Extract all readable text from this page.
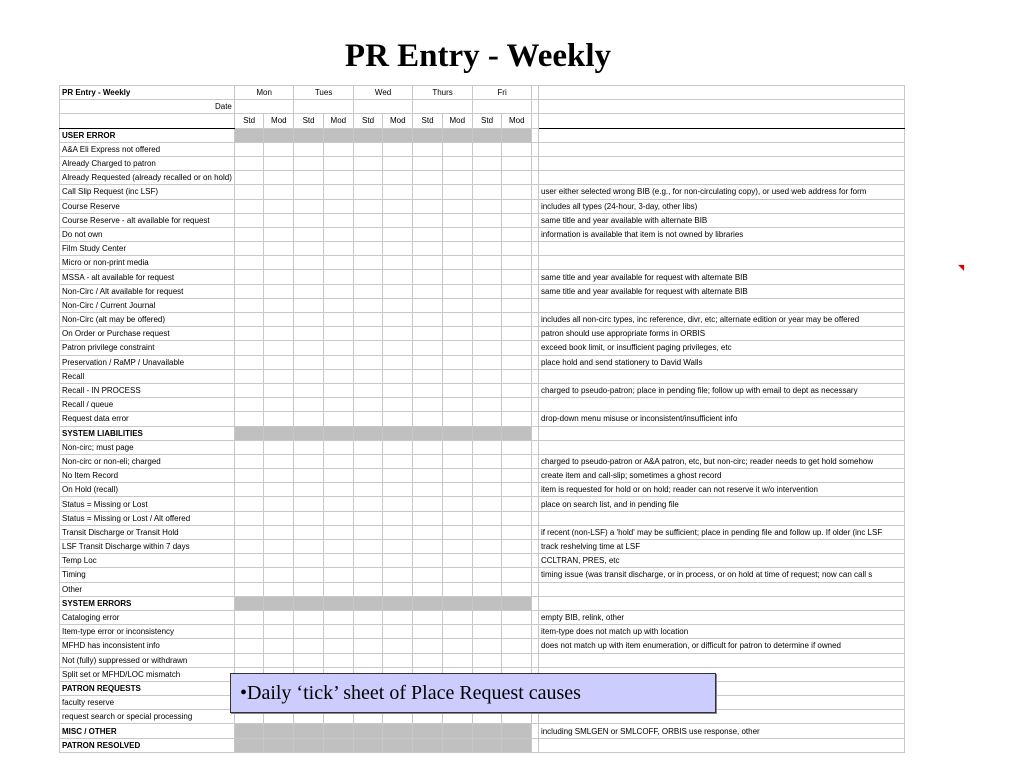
PR Entry - Weekly
PR Entry - Weekly	Mon		Tues		Wed		Thurs		Fri			
Date												
	Std	Mod	Std	Mod	Std	Mod	Std	Mod	Std	Mod		
USER ERROR												
A&A Eli Express not offered												
Already Charged to patron												
Already Requested (already recalled or on hold)												
Call Slip Request (inc LSF)												user either selected wrong BIB (e.g., for non-circulating copy), or used web address for form
Course Reserve												includes all types (24-hour, 3-day, other libs)
Course Reserve - alt available for request												same title and year available with alternate BIB
Do not own												information is available that item is not owned by libraries
Film Study Center												
Micro or non-print media												
MSSA - alt available for request												same title and year available for request with alternate BIB
Non-Circ / Alt available for request												same title and year available for request with alternate BIB
Non-Circ / Current Journal												
Non-Circ (alt may be offered)												includes all non-circ types, inc reference, divr, etc; alternate edition or year may be offered
On Order or Purchase request												patron should use appropriate forms in ORBIS
Patron privilege constraint												exceed book limit, or insufficient paging privileges, etc
Preservation / RaMP / Unavailable												place hold and send stationery to David Walls
Recall												
Recall - IN PROCESS												charged to pseudo-patron; place in pending file; follow up with email to dept as necessary
Recall / queue												
Request data error												drop-down menu misuse or inconsistent/insufficient info
SYSTEM LIABILITIES												
Non-circ; must page												
Non-circ or non-eli; charged												charged to pseudo-patron or A&A patron, etc, but non-circ; reader needs to get hold somehow
No Item Record												create item and call-slip; sometimes a ghost record
On Hold (recall)												item is requested for hold or on hold; reader can not reserve it w/o intervention
Status = Missing or Lost												place on search list, and in pending file
Status = Missing or Lost / Alt offered												
Transit Discharge or Transit Hold												if recent (non-LSF) a 'hold' may be sufficient; place in pending file and follow up. If older (inc LSF
LSF Transit Discharge within 7 days												track reshelving time at LSF
Temp Loc												CCLTRAN, PRES, etc
Timing												timing issue (was transit discharge, or in process, or on hold at time of request; now can call s
Other												
SYSTEM ERRORS												
Cataloging error												empty BIB, relink, other
Item-type error or inconsistency												item-type does not match up with location
MFHD has inconsistent info												does not match up with item enumeration, or difficult for patron to determine if owned
Not (fully) suppressed or withdrawn												
Split set or MFHD/LOC mismatch												
PATRON REQUESTS												
faculty reserve												
request search or special processing												
MISC / OTHER												including SMLGEN or SMLCOFF, ORBIS use response, other
PATRON RESOLVED												
◥
•Daily ‘tick’ sheet of Place Request causes
